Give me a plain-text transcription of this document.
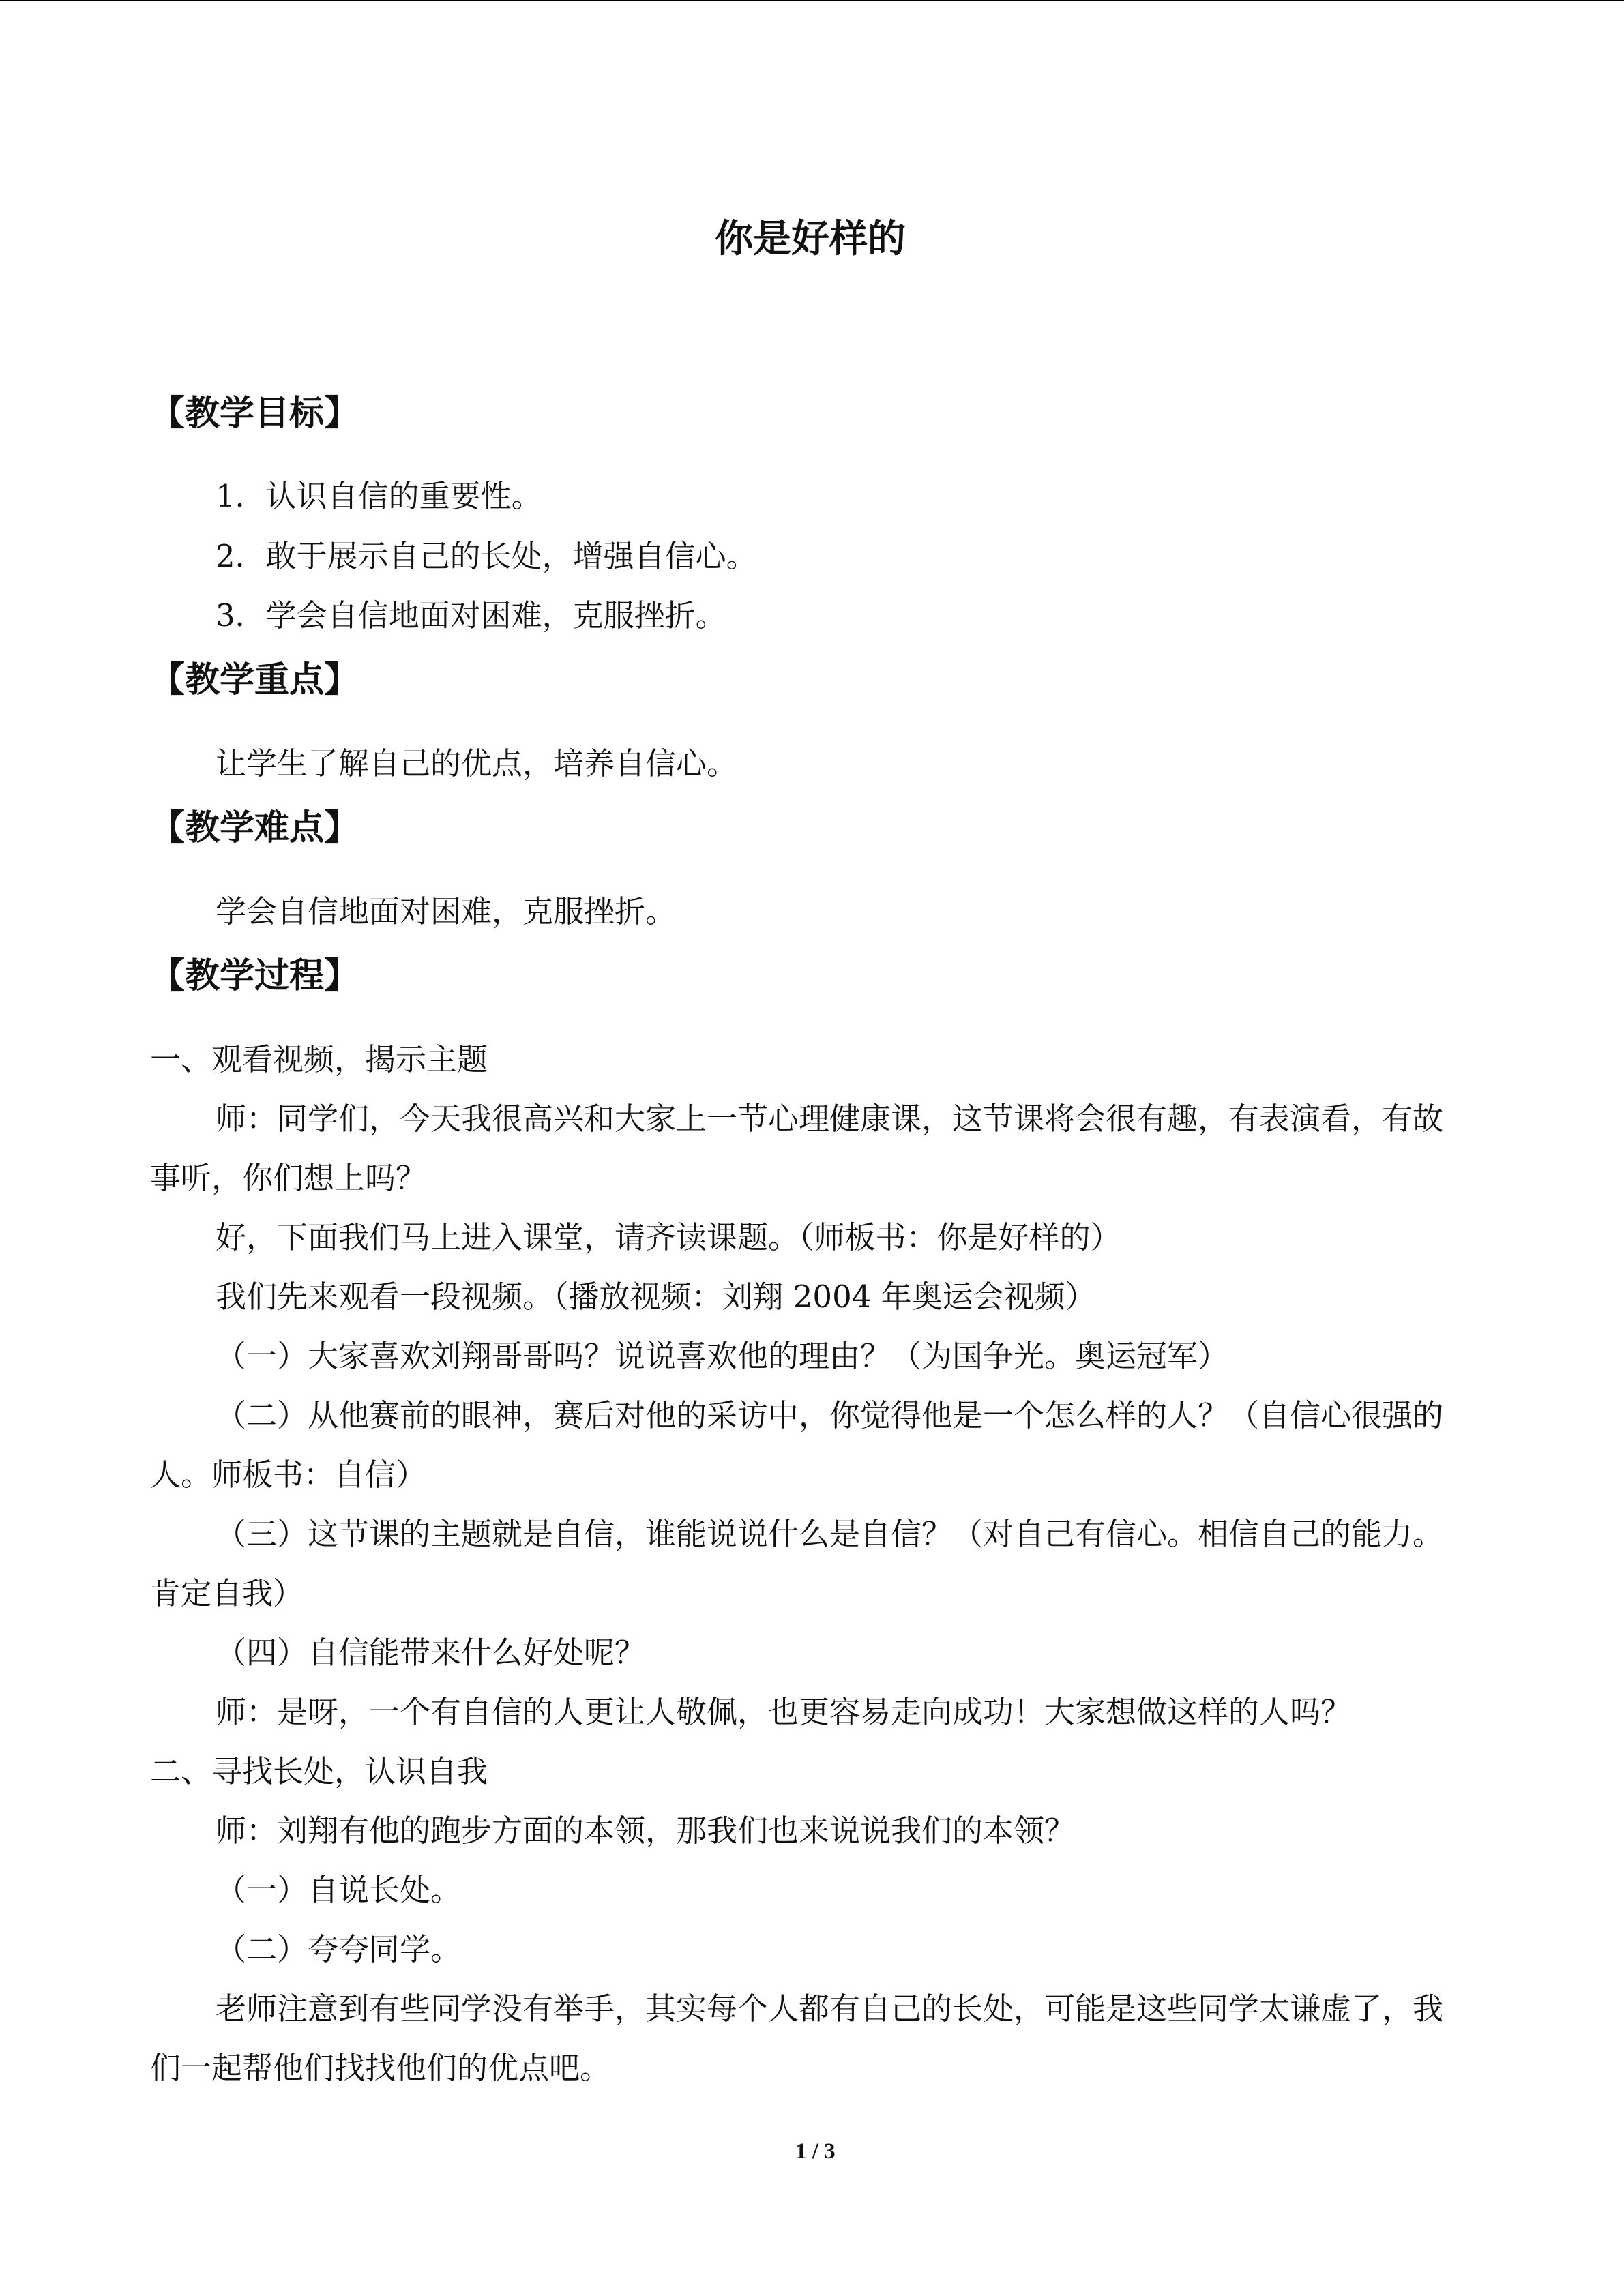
你是好样的
【教学目标】
1．认识自信的重要性。
2．敢于展示自己的长处，增强自信心。
3．学会自信地面对困难，克服挫折。
【教学重点】
让学生了解自己的优点，培养自信心。
【教学难点】
学会自信地面对困难，克服挫折。
【教学过程】
一、观看视频，揭示主题
师：同学们，今天我很高兴和大家上一节心理健康课，这节课将会很有趣，有表演看，有故事听，你们想上吗？
好，下面我们马上进入课堂，请齐读课题。（师板书：你是好样的）
我们先来观看一段视频。（播放视频：刘翔 2004 年奥运会视频）
（一）大家喜欢刘翔哥哥吗？说说喜欢他的理由？（为国争光。奥运冠军）
（二）从他赛前的眼神，赛后对他的采访中，你觉得他是一个怎么样的人？（自信心很强的人。师板书：自信）
（三）这节课的主题就是自信，谁能说说什么是自信？（对自己有信心。相信自己的能力。肯定自我）
（四）自信能带来什么好处呢？
师：是呀，一个有自信的人更让人敬佩，也更容易走向成功！大家想做这样的人吗？
二、寻找长处，认识自我
师：刘翔有他的跑步方面的本领，那我们也来说说我们的本领？
（一）自说长处。
（二）夸夸同学。
老师注意到有些同学没有举手，其实每个人都有自己的长处，可能是这些同学太谦虚了，我们一起帮他们找找他们的优点吧。
1 / 3
